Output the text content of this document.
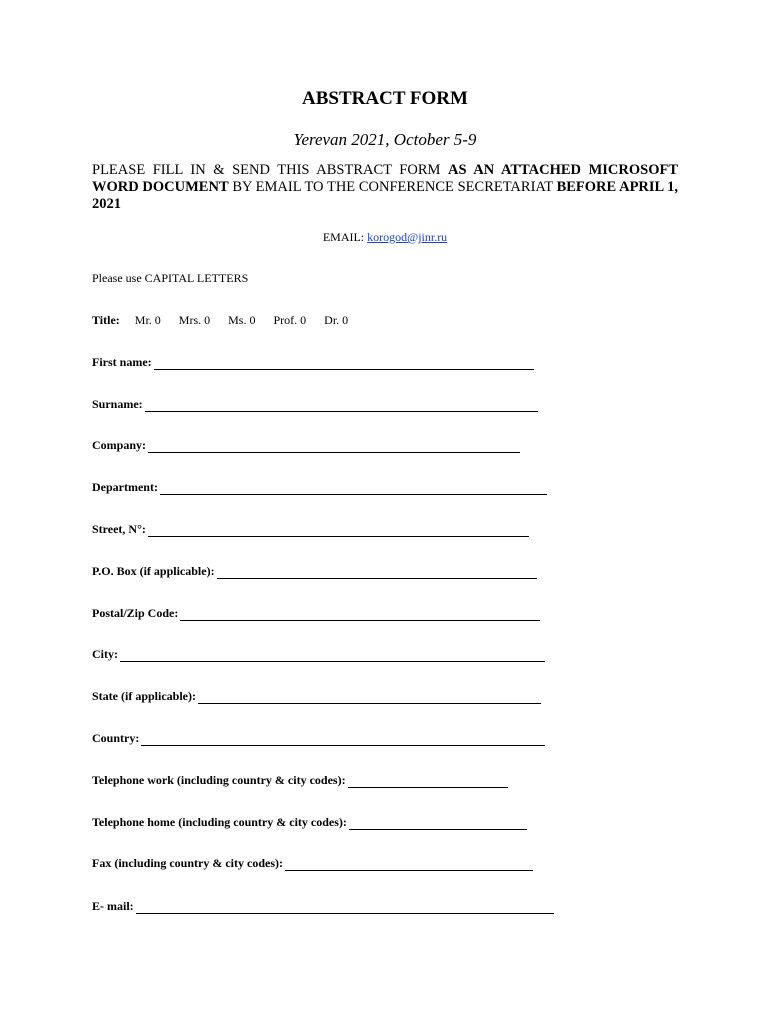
ABSTRACT FORM
Yerevan 2021, October 5-9
PLEASE FILL IN & SEND THIS ABSTRACT FORM AS AN ATTACHED MICROSOFT WORD DOCUMENT BY EMAIL TO THE CONFERENCE SECRETARIAT BEFORE APRIL 1, 2021
EMAIL: korogod@jinr.ru
Please use CAPITAL LETTERS
Title: Mr. 0 Mrs. 0 Ms. 0 Prof. 0 Dr. 0
First name:
Surname:
Company:
Department:
Street, N°:
P.O. Box (if applicable):
Postal/Zip Code:
City:
State (if applicable):
Country:
Telephone work (including country & city codes):
Telephone home (including country & city codes):
Fax (including country & city codes):
E- mail:
